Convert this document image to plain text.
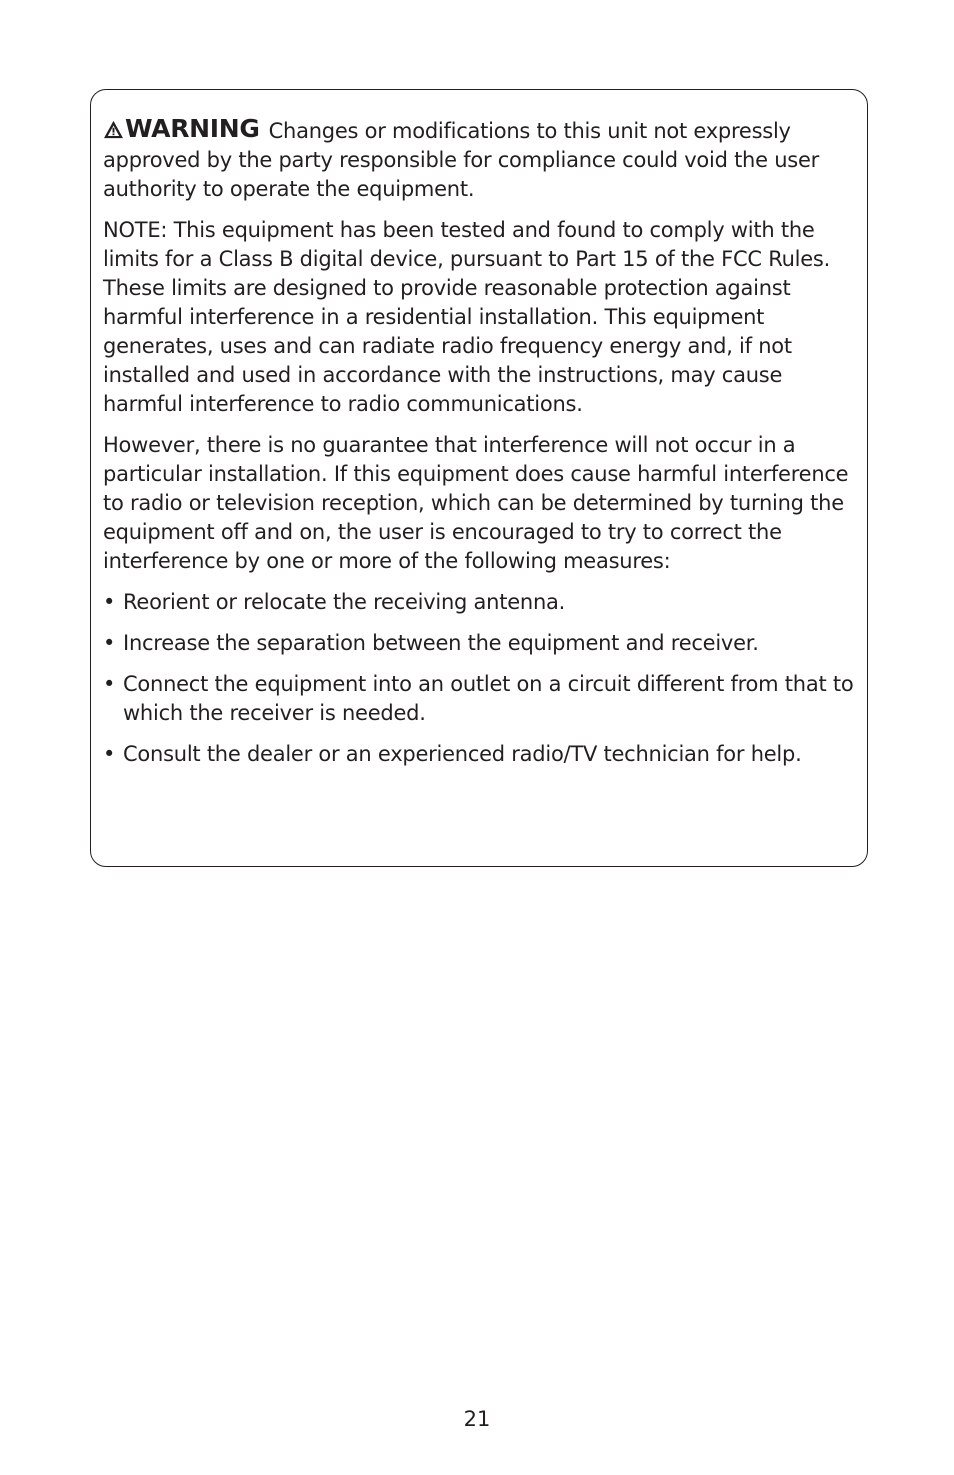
WARNING Changes or modifications to this unit not expressly approved by the party responsible for compliance could void the user authority to operate the equipment.

NOTE: This equipment has been tested and found to comply with the limits for a Class B digital device, pursuant to Part 15 of the FCC Rules. These limits are designed to provide reasonable protection against harmful interference in a residential installation. This equipment generates, uses and can radiate radio frequency energy and, if not installed and used in accordance with the instructions, may cause harmful interference to radio communications.

However, there is no guarantee that interference will not occur in a particular installation. If this equipment does cause harmful interference to radio or television reception, which can be determined by turning the equipment off and on, the user is encouraged to try to correct the interference by one or more of the following measures:

• Reorient or relocate the receiving antenna.
• Increase the separation between the equipment and receiver.
• Connect the equipment into an outlet on a circuit different from that to which the receiver is needed.
• Consult the dealer or an experienced radio/TV technician for help.
21
